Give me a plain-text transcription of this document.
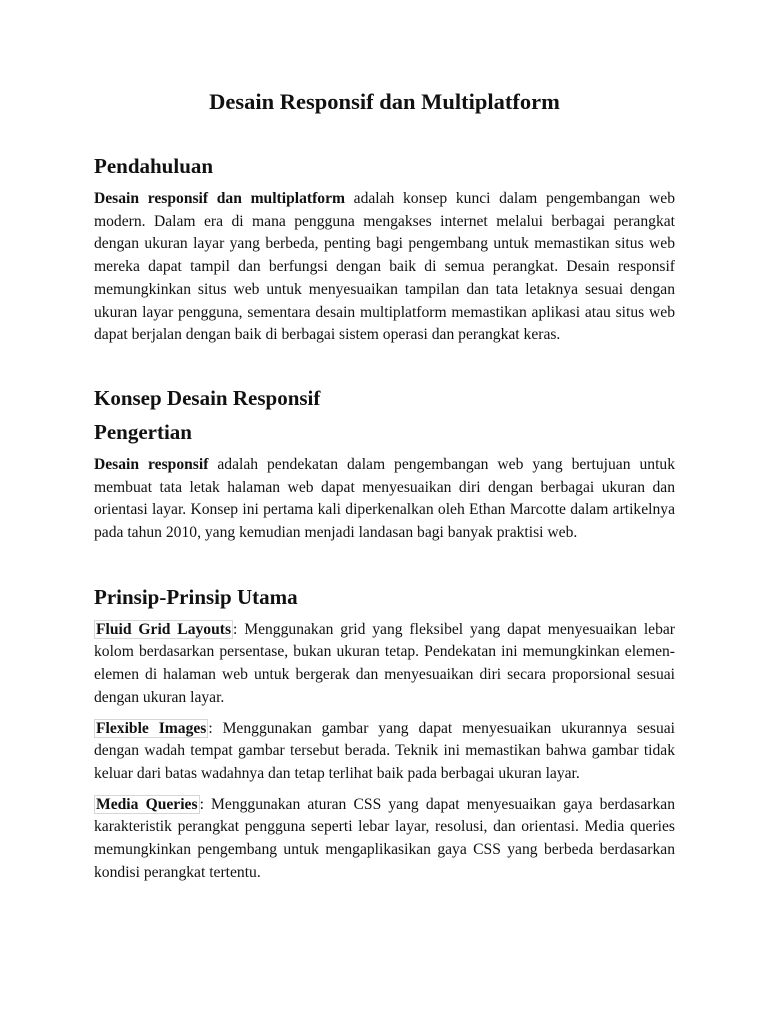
Desain Responsif dan Multiplatform
Pendahuluan

Desain responsif dan multiplatform adalah konsep kunci dalam pengembangan web modern. Dalam era di mana pengguna mengakses internet melalui berbagai perangkat dengan ukuran layar yang berbeda, penting bagi pengembang untuk memastikan situs web mereka dapat tampil dan berfungsi dengan baik di semua perangkat. Desain responsif memungkinkan situs web untuk menyesuaikan tampilan dan tata letaknya sesuai dengan ukuran layar pengguna, sementara desain multiplatform memastikan aplikasi atau situs web dapat berjalan dengan baik di berbagai sistem operasi dan perangkat keras.

Konsep Desain Responsif
Pengertian

Desain responsif adalah pendekatan dalam pengembangan web yang bertujuan untuk membuat tata letak halaman web dapat menyesuaikan diri dengan berbagai ukuran dan orientasi layar. Konsep ini pertama kali diperkenalkan oleh Ethan Marcotte dalam artikelnya pada tahun 2010, yang kemudian menjadi landasan bagi banyak praktisi web.

Prinsip-Prinsip Utama

Fluid Grid Layouts : Menggunakan grid yang fleksibel yang dapat menyesuaikan lebar kolom berdasarkan persentase, bukan ukuran tetap. Pendekatan ini memungkinkan elemen-elemen di halaman web untuk bergerak dan menyesuaikan diri secara proporsional sesuai dengan ukuran layar.

Flexible Images : Menggunakan gambar yang dapat menyesuaikan ukurannya sesuai dengan wadah tempat gambar tersebut berada. Teknik ini memastikan bahwa gambar tidak keluar dari batas wadahnya dan tetap terlihat baik pada berbagai ukuran layar.

Media Queries : Menggunakan aturan CSS yang dapat menyesuaikan gaya berdasarkan karakteristik perangkat pengguna seperti lebar layar, resolusi, dan orientasi. Media queries memungkinkan pengembang untuk mengaplikasikan gaya CSS yang berbeda berdasarkan kondisi perangkat tertentu.
